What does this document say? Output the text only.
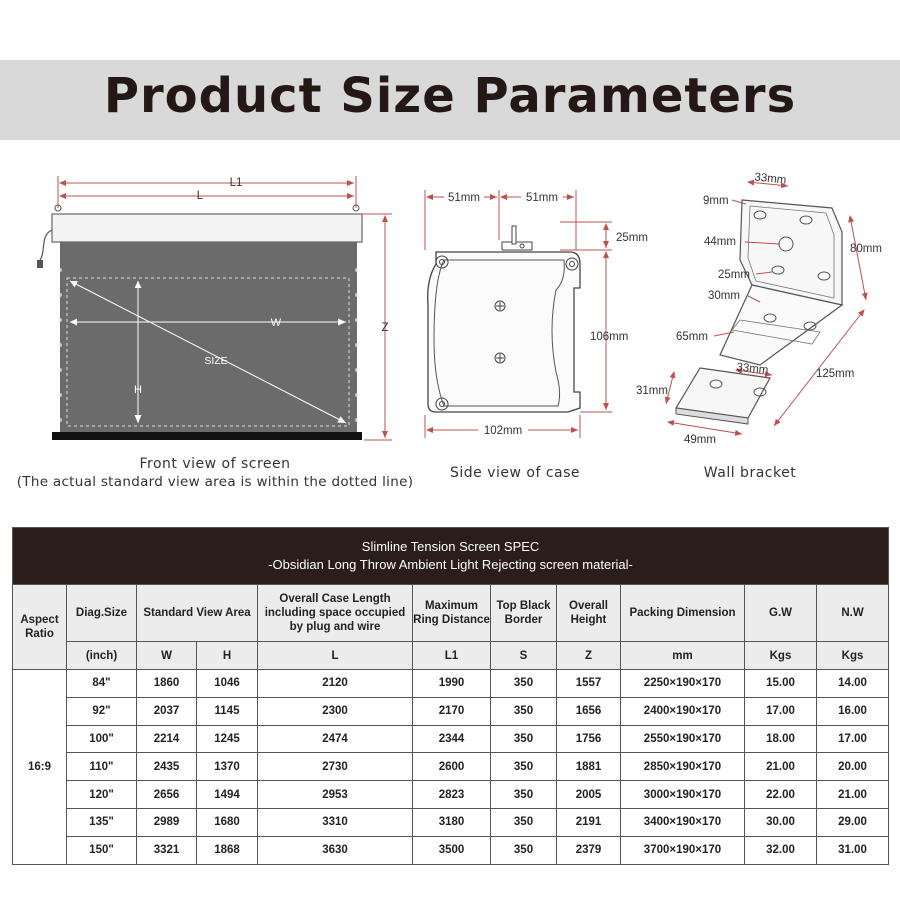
Product Size Parameters
L1
L
W
H
SIZE
Z
51mm	51mm
25mm
106mm
102mm
33mm
9mm
44mm
80mm
25mm
30mm
65mm
33mm	125mm
31mm
49mm
Front view of screen
(The actual standard view area is within the dotted line)
Side view of case	Wall bracket
Slimline Tension Screen SPEC
-Obsidian Long Throw Ambient Light Rejecting screen material-										

Aspect Ratio	Diag.Size	Standard View Area		Overall Case Length including space occupied by plug and wire	Maximum Ring Distance	Top Black Border	Overall Height	Packing Dimension	G.W	N.W
	(inch)	W	H	L	L1	S	Z	mm	Kgs	Kgs
16:9	84"	1860	1046	2120	1990	350	1557	2250×190×170	15.00	14.00
	92"	2037	1145	2300	2170	350	1656	2400×190×170	17.00	16.00
	100"	2214	1245	2474	2344	350	1756	2550×190×170	18.00	17.00
	110"	2435	1370	2730	2600	350	1881	2850×190×170	21.00	20.00
	120"	2656	1494	2953	2823	350	2005	3000×190×170	22.00	21.00
	135"	2989	1680	3310	3180	350	2191	3400×190×170	30.00	29.00
	150"	3321	1868	3630	3500	350	2379	3700×190×170	32.00	31.00
